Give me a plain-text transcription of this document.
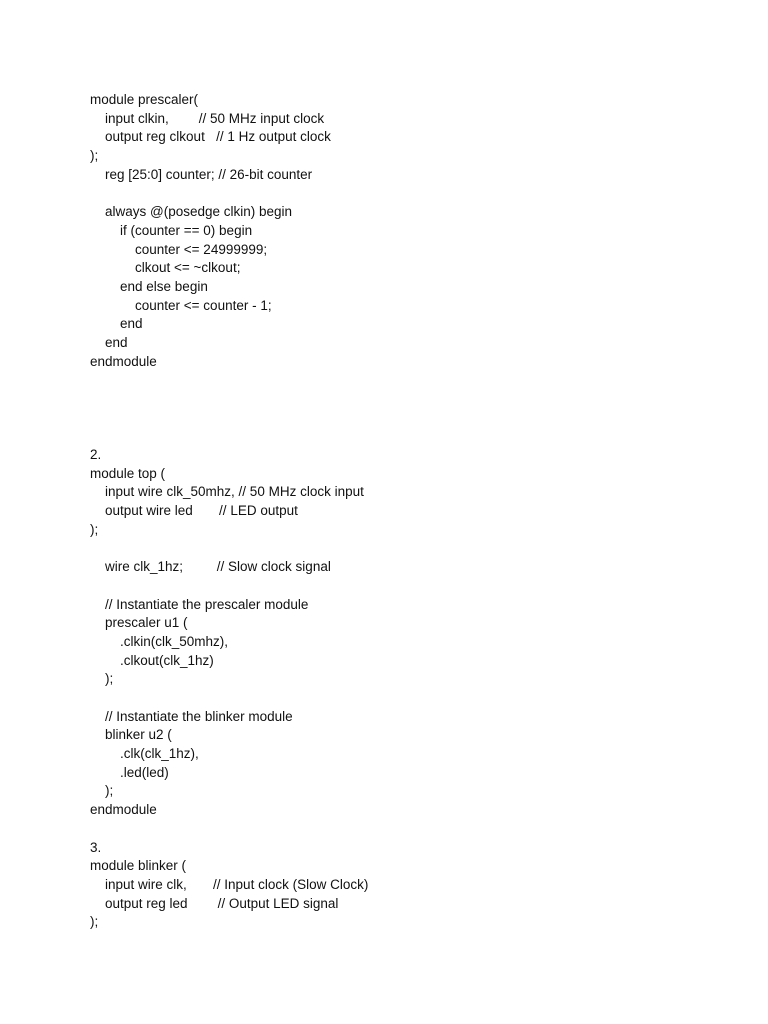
module prescaler(
input clkin,        // 50 MHz input clock
output reg clkout   // 1 Hz output clock
);
reg [25:0] counter; // 26-bit counter
always @(posedge clkin) begin
if (counter == 0) begin
counter <= 24999999;
clkout <= ~clkout;
end else begin
counter <= counter - 1;
end
end
endmodule
2.
module top (
input wire clk_50mhz, // 50 MHz clock input
output wire led       // LED output
);
wire clk_1hz;         // Slow clock signal
// Instantiate the prescaler module
prescaler u1 (
.clkin(clk_50mhz),
.clkout(clk_1hz)
);
// Instantiate the blinker module
blinker u2 (
.clk(clk_1hz),
.led(led)
);
endmodule
3.
module blinker (
input wire clk,       // Input clock (Slow Clock)
output reg led        // Output LED signal
);
